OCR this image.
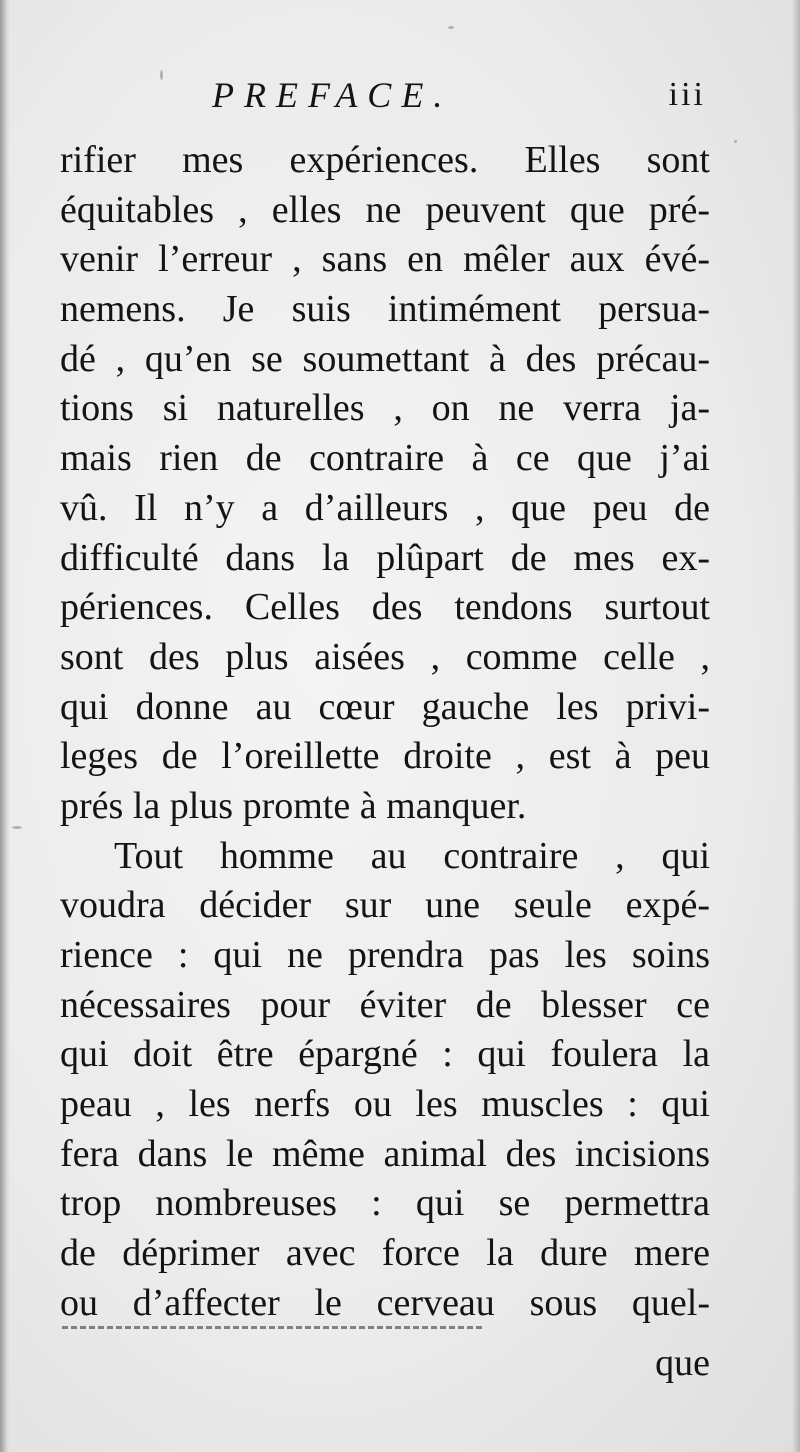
PREFACE.	iii
rifier mes expériences. Elles sont
équitables , elles ne peuvent que pré-
venir l’erreur , sans en mêler aux évé-
nemens. Je suis intimément persua-
dé , qu’en se soumettant à des précau-
tions si naturelles , on ne verra ja-
mais rien de contraire à ce que j’ai
vû. Il n’y a d’ailleurs , que peu de
difficulté dans la plûpart de mes ex-
périences. Celles des tendons surtout
sont des plus aisées , comme celle ,
qui donne au cœur gauche les privi-
leges de l’oreillette droite , est à peu
prés la plus promte à manquer.
Tout homme au contraire , qui
voudra décider sur une seule expé-
rience : qui ne prendra pas les soins
nécessaires pour éviter de blesser ce
qui doit être épargné : qui foulera la
peau , les nerfs ou les muscles : qui
fera dans le même animal des incisions
trop nombreuses : qui se permettra
de déprimer avec force la dure mere
ou d’affecter le cerveau sous quel-
que
